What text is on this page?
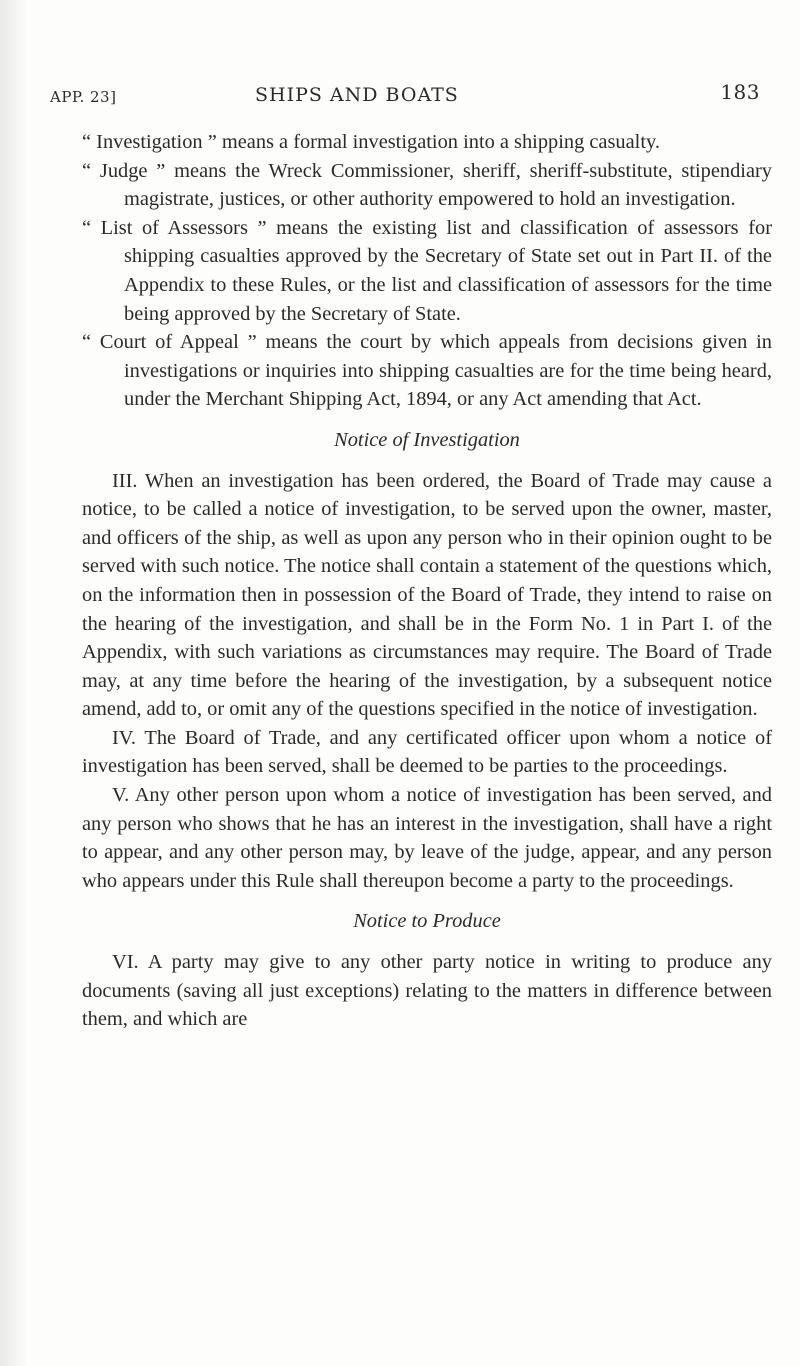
APP. 23]	SHIPS AND BOATS	183

“ Investigation ” means a formal investigation into a shipping casualty.

“ Judge ” means the Wreck Commissioner, sheriff, sheriff-substitute, stipendiary magistrate, justices, or other authority empowered to hold an investigation.

“ List of Assessors ” means the existing list and classification of assessors for shipping casualties approved by the Secretary of State set out in Part II. of the Appendix to these Rules, or the list and classification of assessors for the time being approved by the Secretary of State.

“ Court of Appeal ” means the court by which appeals from decisions given in investigations or inquiries into shipping casualties are for the time being heard, under the Merchant Shipping Act, 1894, or any Act amending that Act.

Notice of Investigation

III. When an investigation has been ordered, the Board of Trade may cause a notice, to be called a notice of investigation, to be served upon the owner, master, and officers of the ship, as well as upon any person who in their opinion ought to be served with such notice. The notice shall contain a statement of the questions which, on the information then in possession of the Board of Trade, they intend to raise on the hearing of the investigation, and shall be in the Form No. 1 in Part I. of the Appendix, with such variations as circumstances may require. The Board of Trade may, at any time before the hearing of the investigation, by a subsequent notice amend, add to, or omit any of the questions specified in the notice of investigation.

IV. The Board of Trade, and any certificated officer upon whom a notice of investigation has been served, shall be deemed to be parties to the proceedings.

V. Any other person upon whom a notice of investigation has been served, and any person who shows that he has an interest in the investigation, shall have a right to appear, and any other person may, by leave of the judge, appear, and any person who appears under this Rule shall thereupon become a party to the proceedings.

Notice to Produce

VI. A party may give to any other party notice in writing to produce any documents (saving all just exceptions) relating to the matters in difference between them, and which are
